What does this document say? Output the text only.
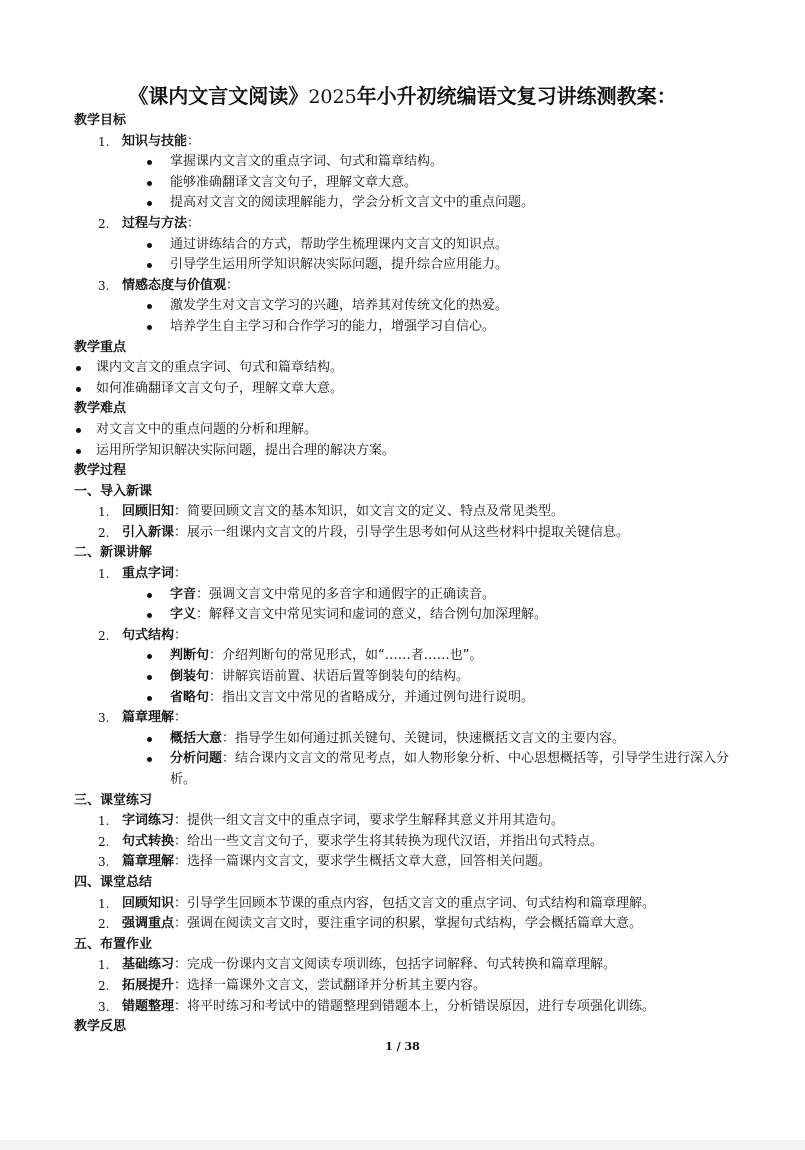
《课内文言文阅读》2025年小升初统编语文复习讲练测教案：
教学目标
1. 知识与技能：
掌握课内文言文的重点字词、句式和篇章结构。
能够准确翻译文言文句子，理解文章大意。
提高对文言文的阅读理解能力，学会分析文言文中的重点问题。
2. 过程与方法：
通过讲练结合的方式，帮助学生梳理课内文言文的知识点。
引导学生运用所学知识解决实际问题，提升综合应用能力。
3. 情感态度与价值观：
激发学生对文言文学习的兴趣，培养其对传统文化的热爱。
培养学生自主学习和合作学习的能力，增强学习自信心。
教学重点
课内文言文的重点字词、句式和篇章结构。
如何准确翻译文言文句子，理解文章大意。
教学难点
对文言文中的重点问题的分析和理解。
运用所学知识解决实际问题，提出合理的解决方案。
教学过程
一、导入新课
1. 回顾旧知：简要回顾文言文的基本知识，如文言文的定义、特点及常见类型。
2. 引入新课：展示一组课内文言文的片段，引导学生思考如何从这些材料中提取关键信息。
二、新课讲解
1. 重点字词：
字音：强调文言文中常见的多音字和通假字的正确读音。
字义：解释文言文中常见实词和虚词的意义，结合例句加深理解。
2. 句式结构：
判断句：介绍判断句的常见形式，如“……者……也”。
倒装句：讲解宾语前置、状语后置等倒装句的结构。
省略句：指出文言文中常见的省略成分，并通过例句进行说明。
3. 篇章理解：
概括大意：指导学生如何通过抓关键句、关键词，快速概括文言文的主要内容。
分析问题：结合课内文言文的常见考点，如人物形象分析、中心思想概括等，引导学生进行深入分析。
三、课堂练习
1. 字词练习：提供一组文言文中的重点字词，要求学生解释其意义并用其造句。
2. 句式转换：给出一些文言文句子，要求学生将其转换为现代汉语，并指出句式特点。
3. 篇章理解：选择一篇课内文言文，要求学生概括文章大意，回答相关问题。
四、课堂总结
1. 回顾知识：引导学生回顾本节课的重点内容，包括文言文的重点字词、句式结构和篇章理解。
2. 强调重点：强调在阅读文言文时，要注重字词的积累，掌握句式结构，学会概括篇章大意。
五、布置作业
1. 基础练习：完成一份课内文言文阅读专项训练，包括字词解释、句式转换和篇章理解。
2. 拓展提升：选择一篇课外文言文，尝试翻译并分析其主要内容。
3. 错题整理：将平时练习和考试中的错题整理到错题本上，分析错误原因，进行专项强化训练。
教学反思
1 / 38
